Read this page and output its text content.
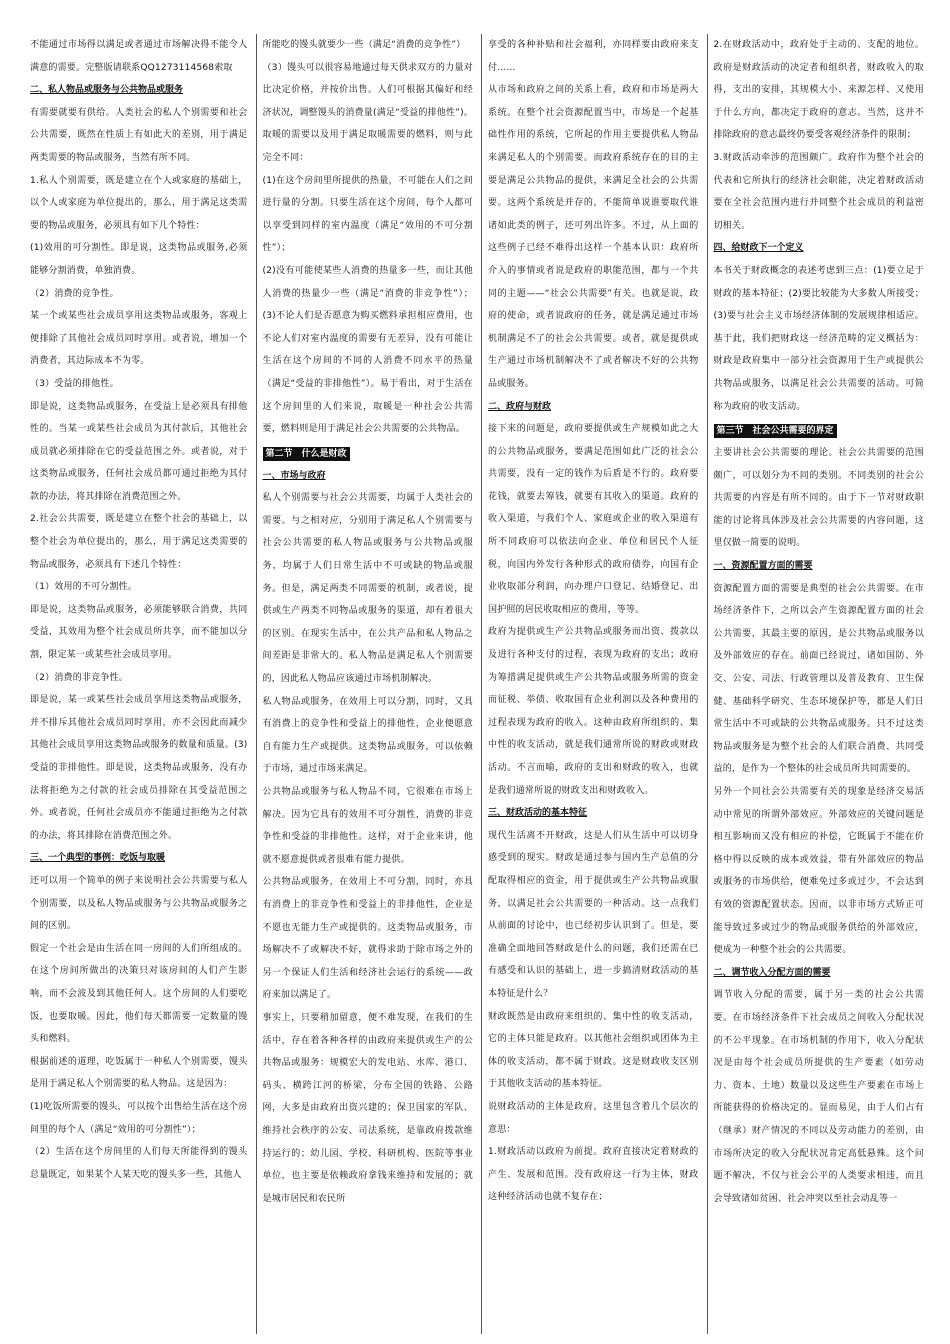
不能通过市场得以满足或者通过市场解决得不能令人满意的需要。完整版请联系QQ1273114568索取

二、私人物品或服务与公共物品或服务

有需要就要有供给。人类社会的私人个别需要和社会公共需要，既然在性质上有如此大的差别，用于满足两类需要的物品或服务，当然有所不同。

1.私人个别需要，既是建立在个人或家庭的基础上，以个人或家庭为单位提出的，那么，用于满足这类需要的物品或服务，必须具有如下几个特性：

(1)效用的可分割性。即是说，这类物品或服务,必须能够分割消费，单独消费。

（2）消费的竞争性。

某一个或某些社会成员享用这类物品或服务，客观上便排除了其他社会成员同时享用。或者说，增加一个消费者，其边际成本不为零。

（3）受益的排他性。

即是说，这类物品或服务，在受益上是必须具有排他性的。当某一或某些社会成员为其付款后，其他社会成员就必须排除在它的受益范围之外。或者说，对于这类物品或服务，任何社会成员都可通过拒绝为其付款的办法，将其排除在消费范围之外。

2.社会公共需要，既是建立在整个社会的基础上，以整个社会为单位提出的，那么，用于满足这类需要的物品或服务，必须具有下述几个特性：

（1）效用的不可分割性。

即是说，这类物品或服务，必须能够联合消费，共同受益，其效用为整个社会成员所共享，而不能加以分割，限定某一或某些社会成员享用。

（2）消费的非竞争性。

即是说，某一或某些社会成员享用这类物品或服务，并不排斥其他社会成员同时享用，亦不会因此而减少其他社会成员享用这类物品或服务的数量和质量。(3)受益的非排他性。即是说，这类物品或服务，没有办法将拒绝为之付款的社会成员排除在其受益范围之外。或者说，任何社会成员亦不能通过拒绝为之付款的办法，将其排除在消费范围之外。

三、一个典型的事例：吃饭与取暖

还可以用一个简单的例子来说明社会公共需要与私人个别需要，以及私人物品或服务与公共物品或服务之间的区别。

假定一个社会是由生活在同一房间的人们所组成的。在这个房间所做出的决策只对该房间的人们产生影响，而不会波及到其他任何人。这个房间的人们要吃饭，也要取暖。因此，他们每天都需要一定数量的馒头和燃料。

根据前述的道理，吃饭属于一种私人个别需要，馒头是用于满足私人个别需要的私人物品。这是因为：

(1)吃饭所需要的馒头，可以按个出售给生活在这个房间里的每个人（满足“效用的可分割性”）；

（2）生活在这个房间里的人们每天所能得到的馒头总量既定，如果某个人某天吃的馒头多一些，其他人

所能吃的馒头就要少一些（满足“消费的竞争性”）

（3）馒头可以很容易地通过每天供求双方的力量对比决定价格，并按价出售。人们可根据其偏好和经济状况，调整馒头的消费量(满足“受益的排他性”)。取暖的需要以及用于满足取暖需要的燃料，则与此完全不同：

(1)在这个房间里所提供的热量，不可能在人们之间进行量的分割。只要生活在这个房间，每个人都可以享受到同样的室内温度（满足“效用的不可分割性”）；

(2)没有可能使某些人消费的热量多一些，而让其他人消费的热量少一些（满足“消费的非竞争性”）；(3)不论人们是否愿意为购买燃料承担相应费用，也不论人们对室内温度的需要有无差异，没有可能让生活在这个房间的不同的人消费不同水平的热量（满足“受益的非排他性”）。易于看出，对于生活在这个房间里的人们来说，取暖是一种社会公共需要，燃料则是用于满足社会公共需要的公共物品。

第二节　什么是财政

一、市场与政府

私人个别需要与社会公共需要，均属于人类社会的需要。与之相对应，分别用于满足私人个别需要与社会公共需要的私人物品或服务与公共物品或服务，均属于人们日常生活中不可或缺的物品或服务。但是，满足两类不同需要的机制，或者说，提供或生产两类不同物品或服务的渠道，却有着很大的区别。在现实生活中，在公共产品和私人物品之间差距是非常大的。私人物品是满足私人个别需要的，因此私人物品应该通过市场机制解决。

私人物品或服务，在效用上可以分割，同时，又具有消费上的竞争性和受益上的排他性，企业便愿意自有能力生产或提供。这类物品或服务，可以依赖于市场，通过市场来满足。

公共物品或服务与私人物品不同，它很难在市场上解决。因为它具有的效用不可分割性，消费的非竞争性和受益的非排他性。这样，对于企业来讲，他就不愿意提供或者很难有能力提供。

公共物品或服务，在效用上不可分割，同时，亦具有消费上的非竞争性和受益上的非排他性，企业是不愿也无能力生产或提供的。这类物品或服务，市场解决不了或解决不好，就得求助于除市场之外的另一个保证人们生活和经济社会运行的系统——政府来加以满足了。

事实上，只要稍加留意，便不难发现，在我们的生活中，存在着各种各样的由政府来提供或生产的公共物品或服务：规模宏大的发电站、水库、港口、码头、横跨江河的桥梁，分布全国的铁路、公路网，大多是由政府出资兴建的；保卫国家的军队、维持社会秩序的公安、司法系统，是靠政府拨款维持运行的；幼儿园、学校、科研机构、医院等事业单位，也主要是依赖政府拿钱来维持和发展的；就是城市居民和农民所

享受的各种补贴和社会福利，亦同样要由政府来支付……

从市场和政府之间的关系上看，政府和市场是两大系统。在整个社会资源配置当中，市场是一个起基础性作用的系统，它所起的作用主要提供私人物品来满足私人的个别需要。而政府系统存在的目的主要是满足公共物品的提供，来满足全社会的公共需要。这两个系统是并存的，不能简单说谁要取代谁诸如此类的例子，还可列出许多。不过，从上面的这些例子已经不难得出这样一个基本认识：政府所介入的事情或者说是政府的职能范围，都与一个共同的主题——“社会公共需要”有关。也就是说，政府的使命，或者说政府的任务，就是满足通过市场机制满足不了的社会公共需要。或者，就是提供或生产通过市场机制解决不了或者解决不好的公共物品或服务。

二、政府与财政

接下来的问题是，政府要提供或生产规模如此之大的公共物品或服务，要满足范围如此广泛的社会公共需要，没有一定的钱作为后盾是不行的。政府要花钱，就要去筹钱，就要有其收入的渠道。政府的收入渠道，与我们个人、家庭或企业的收入渠道有所不同政府可以依法向企业、单位和居民个人征税，向国内外发行各种形式的政府债券，向国有企业收取部分利润，向办理户口登记、结婚登记、出国护照的居民收取相应的费用，等等。

政府为提供或生产公共物品或服务而出资、拨款以及进行各种支付的过程，表现为政府的支出；政府为筹措满足提供或生产公共物品或服务所需的资金而征税、举债、收取国有企业利润以及各种费用的过程表现为政府的收入。这种由政府所组织的、集中性的收支活动，就是我们通常所说的财政或财政活动。不言而喻，政府的支出和财政的收入，也就是我们通常所说的财政支出和财政收入。

三、财政活动的基本特征

现代生活离不开财政，这是人们从生活中可以切身感受到的现实。财政是通过参与国内生产总值的分配取得相应的资金，用于提供或生产公共物品或服务，以满足社会公共需要的一种活动。这一点我们从前面的讨论中，也已经初步认识到了。但是，要准确全面地回答财政是什么的问题，我们还需在已有感受和认识的基础上，进一步搞清财政活动的基本特征是什么？

财政既然是由政府来组织的、集中性的收支活动，它的主体只能是政府。以其他社会组织或团体为主体的收支活动，都不属于财政。这是财政收支区别于其他收支活动的基本特征。

说财政活动的主体是政府，这里包含着几个层次的意思：

1.财政活动以政府为前提。政府直接决定着财政的产生、发展和范围。没有政府这一行为主体，财政这种经济活动也就不复存在；

2.在财政活动中，政府处于主动的、支配的地位。政府是财政活动的决定者和组织者，财政收入的取得，支出的安排，其规模大小、来源怎样、又使用于什么方向，都决定于政府的意志。当然，这并不排除政府的意志最终仍要受客观经济条件的限制；

3.财政活动牵涉的范围颇广。政府作为整个社会的代表和它所执行的经济社会职能，决定着财政活动要在全社会范围内进行并同整个社会成员的利益密切相关。

四、给财政下一个定义

本书关于财政概念的表述考虑到三点：(1)要立足于财政的基本特征；(2)要比较能为大多数人所接受；(3)要与社会主义市场经济体制的发展规律相适应。基于此，我们把财政这一经济范畴的定义概括为：财政是政府集中一部分社会资源用于生产或提供公共物品或服务，以满足社会公共需要的活动。可简称为政府的收支活动。

第三节　社会公共需要的界定

主要讲社会公共需要的理论。社会公共需要的范围颇广，可以划分为不同的类别。不同类别的社会公共需要的内容是有所不同的。由于下一节对财政职能的讨论将具体涉及社会公共需要的内容问题，这里仅做一简要的说明。

一、资源配置方面的需要

资源配置方面的需要是典型的社会公共需要。在市场经济条件下，之所以会产生资源配置方面的社会公共需要，其最主要的原因，是公共物品或服务以及外部效应的存在。前面已经说过，诸如国防、外交、公安、司法、行政管理以及普及教育、卫生保健、基础科学研究、生态环境保护等，都是人们日常生活中不可或缺的公共物品或服务。只不过这类物品或服务是为整个社会的人们联合消费、共同受益的，是作为一个整体的社会成员所共同需要的。

另外一个同社会公共需要有关的现象是经济交易活动中常见的所谓外部效应。外部效应的关键问题是相互影响而又没有相应的补偿，它既属于不能在价格中得以反映的成本或效益，带有外部效应的物品或服务的市场供给，便难免过多或过少，不会达到有效的资源配置状态。因而，以非市场方式矫正可能导致过多或过少的物品或服务供给的外部效应，便成为一种整个社会的公共需要。

二、调节收入分配方面的需要

调节收入分配的需要，属于另一类的社会公共需要。在市场经济条件下社会成员之间收入分配状况的不公平现象。在市场机制的作用下，收入分配状况是由每个社会成员所提供的生产要素（如劳动力、资本、土地）数量以及这些生产要素在市场上所能获得的价格决定的。显而易见，由于人们占有（继承）财产情况的不同以及劳动能力的差别，由市场所决定的收入分配状况肯定高低悬殊。这个问题不解决，不仅与社会公平的人类要求相违，而且会导致诸如贫困、社会冲突以至社会动乱等一
